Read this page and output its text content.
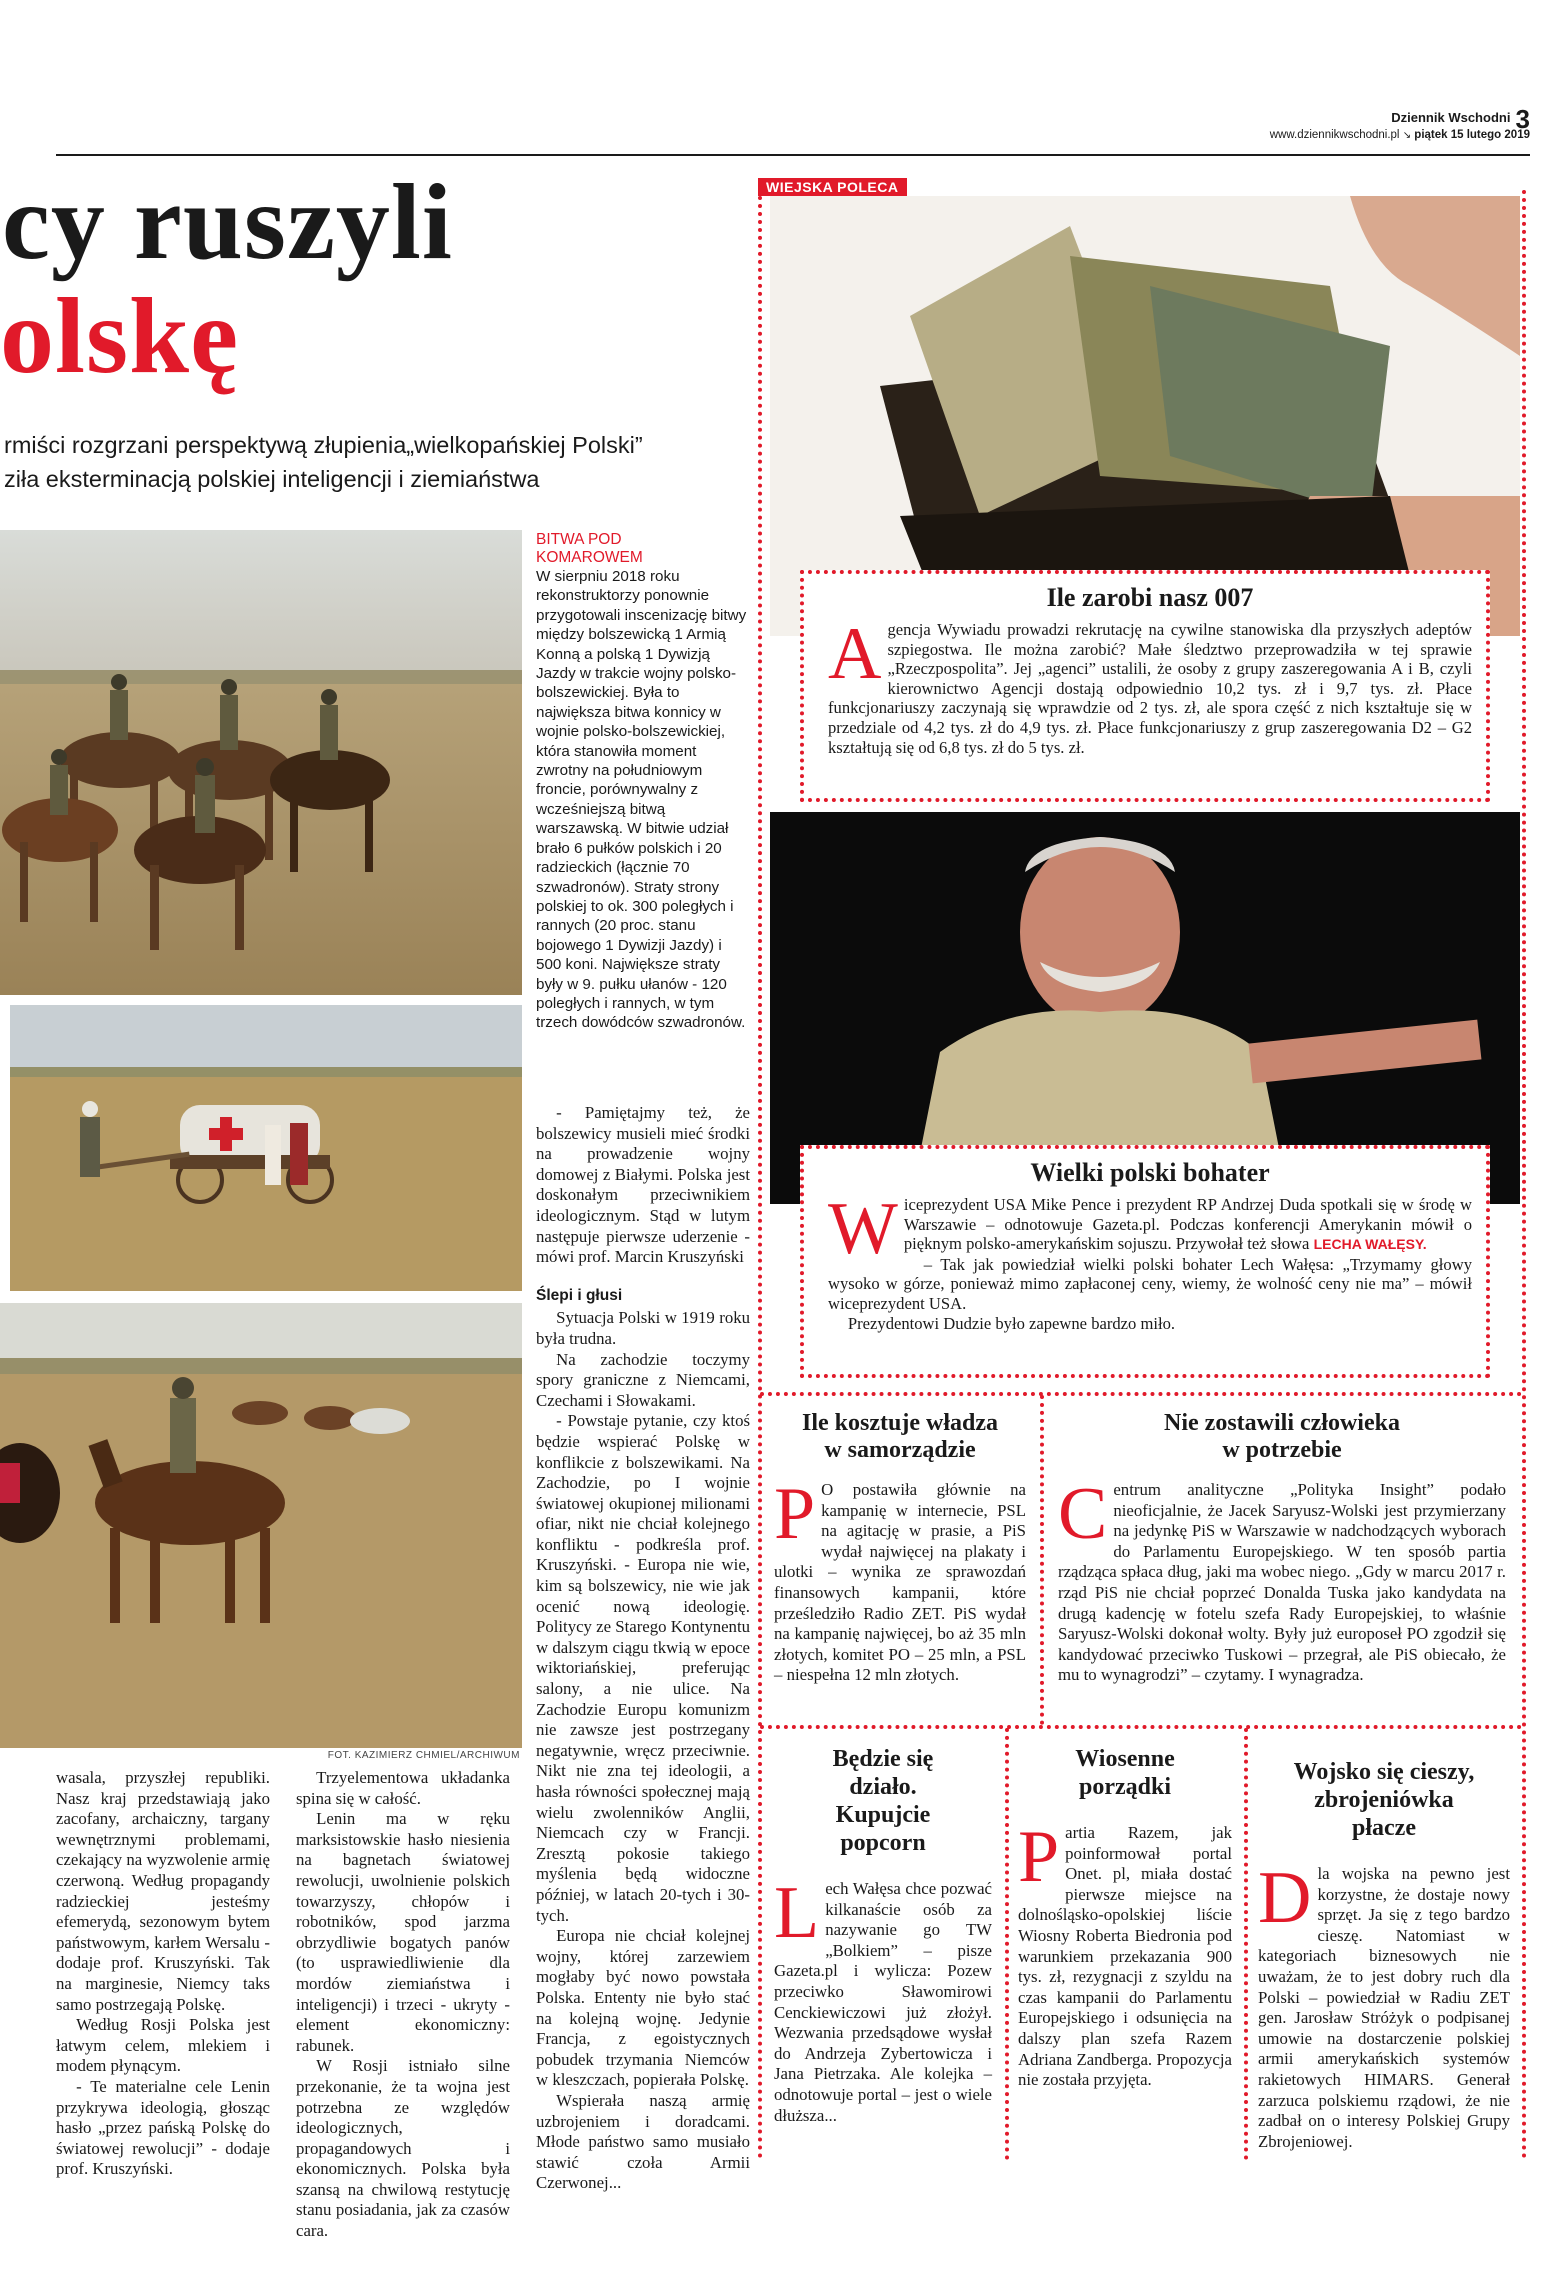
$^{Dziennik Wschodni}$ 3
www.dziennikwschodni.pl ↘ piątek 15 lutego 2019
cy ruszyli
olskę
rmiści rozgrzani perspektywą złupienia„wielkopańskiej Polski”
ziła eksterminacją polskiej inteligencji i ziemiaństwa
BITWA POD
KOMAROWEM
W sierpniu 2018 roku rekonstruktorzy ponownie przygotowali inscenizację bitwy między bolszewicką 1 Armią Konną a polską 1 Dywizją Jazdy w trakcie wojny polsko-bolszewickiej. Była to największa bitwa konnicy w wojnie polsko-bolszewickiej, która stanowiła moment zwrotny na południowym froncie, porównywalny z wcześniejszą bitwą warszawską. W bitwie udział brało 6 pułków polskich i 20 radzieckich (łącznie 70 szwadronów). Straty strony polskiej to ok. 300 poległych i rannych (20 proc. stanu bojowego 1 Dywizji Jazdy) i 500 koni. Największe straty były w 9. pułku ułanów - 120 poległych i rannych, w tym trzech dowódców szwadronów.
FOT. KAZIMIERZ CHMIEL/ARCHIWUM

- Pamiętajmy też, że bolszewicy musieli mieć środki na prowadzenie wojny domowej z Białymi. Polska jest doskonałym przeciwnikiem ideologicznym. Stąd w lutym następuje pierwsze uderzenie - mówi prof. Marcin Kruszyński

Ślepi i głusi

Sytuacja Polski w 1919 roku była trudna.

Na zachodzie toczymy spory graniczne z Niemcami, Czechami i Słowakami.

- Powstaje pytanie, czy ktoś będzie wspierać Polskę w konflikcie z bolszewikami. Na Zachodzie, po I wojnie światowej okupionej milionami ofiar, nikt nie chciał kolejnego konfliktu - podkreśla prof. Kruszyński. - Europa nie wie, kim są bolszewicy, nie wie jak ocenić nową ideologię. Politycy ze Starego Kontynentu w dalszym ciągu tkwią w epoce wiktoriańskiej, preferując salony, a nie ulice. Na Zachodzie Europu komunizm nie zawsze jest postrzegany negatywnie, wręcz przeciwnie. Nikt nie zna tej ideologii, a hasła równości społecznej mają wielu zwolenników Anglii, Niemcach czy w Francji. Zresztą pokosie takiego myślenia będą widoczne później, w latach 20-tych i 30-tych.

Europa nie chciał kolejnej wojny, której zarzewiem mogłaby być nowo powstała Polska. Ententy nie było stać na kolejną wojnę. Jedynie Francja, z egoistycznych pobudek trzymania Niemców w kleszczach, popierała Polskę.

Wspierała naszą armię uzbrojeniem i doradcami. Młode państwo samo musiało stawić czoła Armii Czerwonej...

wasala, przyszłej republiki. Nasz kraj przedstawiają jako zacofany, archaiczny, targany wewnętrznymi problemami, czekający na wyzwolenie armię czerwoną. Według propagandy radzieckiej jesteśmy efemerydą, sezonowym bytem państwowym, karłem Wersalu - dodaje prof. Kruszyński. Tak na marginesie, Niemcy taks samo postrzegają Polskę.

Według Rosji Polska jest łatwym celem, mlekiem i modem płynącym.

- Te materialne cele Lenin przykrywa ideologią, głosząc hasło „przez pańską Polskę do światowej rewolucji” - dodaje prof. Kruszyński.

Trzyelementowa układanka spina się w całość.

Lenin ma w ręku marksistowskie hasło niesienia na bagnetach światowej rewolucji, uwolnienie polskich towarzyszy, chłopów i robotników, spod jarzma obrzydliwie bogatych panów (to usprawiedliwienie dla mordów ziemiaństwa i inteligencji) i trzeci - ukryty - element ekonomiczny: rabunek.

W Rosji istniało silne przekonanie, że ta wojna jest potrzebna ze względów ideologicznych, propagandowych i ekonomicznych. Polska była szansą na chwilową restytucję stanu posiadania, jak za czasów cara.

WIEJSKA POLECA
Ile zarobi nasz 007
A gencja Wywiadu prowadzi rekrutację na cywilne stanowiska dla przyszłych adeptów szpiegostwa. Ile można zarobić? Małe śledztwo przeprowadziła w tej sprawie „Rzeczpospolita”. Jej „agenci” ustalili, że osoby z grupy zaszeregowania A i B, czyli kierownictwo Agencji dostają odpowiednio 10,2 tys. zł i 9,7 tys. zł. Płace funkcjonariuszy zaczynają się wprawdzie od 2 tys. zł, ale spora część z nich kształtuje się w przedziale od 4,2 tys. zł do 4,9 tys. zł. Płace funkcjonariuszy z grup zaszeregowania D2 – G2 kształtują się od 6,8 tys. zł do 5 tys. zł.
Wielki polski bohater

W iceprezydent USA Mike Pence i prezydent RP Andrzej Duda spotkali się w środę w Warszawie – odnotowuje Gazeta.pl. Podczas konferencji Amerykanin mówił o pięknym polsko-amerykańskim sojuszu. Przywołał też słowa LECHA WAŁĘSY.

– Tak jak powiedział wielki polski bohater Lech Wałęsa: „Trzymamy głowy wysoko w górze, ponieważ mimo zapłaconej ceny, wiemy, że wolność ceny nie ma” – mówił wiceprezydent USA.

Prezydentowi Dudzie było zapewne bardzo miło.

Ile kosztuje władza
w samorządzie
P O postawiła głównie na kampanię w internecie, PSL na agitację w prasie, a PiS wydał najwięcej na plakaty i ulotki – wynika ze sprawozdań finansowych kampanii, które prześledziło Radio ZET. PiS wydał na kampanię najwięcej, bo aż 35 mln złotych, komitet PO – 25 mln, a PSL – niespełna 12 mln złotych.
Nie zostawili człowieka
w potrzebie
C entrum analityczne „Polityka Insight” podało nieoficjalnie, że Jacek Saryusz-Wolski jest przymierzany na jedynkę PiS w Warszawie w nadchodzących wyborach do Parlamentu Europejskiego. W ten sposób partia rządząca spłaca dług, jaki ma wobec niego. „Gdy w marcu 2017 r. rząd PiS nie chciał poprzeć Donalda Tuska jako kandydata na drugą kadencję w fotelu szefa Rady Europejskiej, to właśnie Saryusz-Wolski dokonał wolty. Były już europoseł PO zgodził się kandydować przeciwko Tuskowi – przegrał, ale PiS obiecało, że mu to wynagrodzi” – czytamy. I wynagradza.
Będzie się
działo.
Kupujcie
popcorn
L ech Wałęsa chce pozwać kilkanaście osób za nazywanie go TW „Bolkiem” – pisze Gazeta.pl i wylicza: Pozew przeciwko Sławomirowi Cenckiewiczowi już złożył. Wezwania przedsądowe wysłał do Andrzeja Zybertowicza i Jana Pietrzaka. Ale kolejka – odnotowuje portal – jest o wiele dłuższa...
Wiosenne
porządki
P artia Razem, jak poinformował portal Onet. pl, miała dostać pierwsze miejsce na dolnośląsko-opolskiej liście Wiosny Roberta Biedronia pod warunkiem przekazania 900 tys. zł, rezygnacji z szyldu na czas kampanii do Parlamentu Europejskiego i odsunięcia na dalszy plan szefa Razem Adriana Zandberga. Propozycja nie została przyjęta.
Wojsko się cieszy,
zbrojeniówka
płacze
D la wojska na pewno jest korzystne, że dostaje nowy sprzęt. Ja się z tego bardzo cieszę. Natomiast w kategoriach biznesowych nie uważam, że to jest dobry ruch dla Polski – powiedział w Radiu ZET gen. Jarosław Stróżyk o podpisanej umowie na dostarczenie polskiej armii amerykańskich systemów rakietowych HIMARS. Generał zarzuca polskiemu rządowi, że nie zadbał on o interesy Polskiej Grupy Zbrojeniowej.
